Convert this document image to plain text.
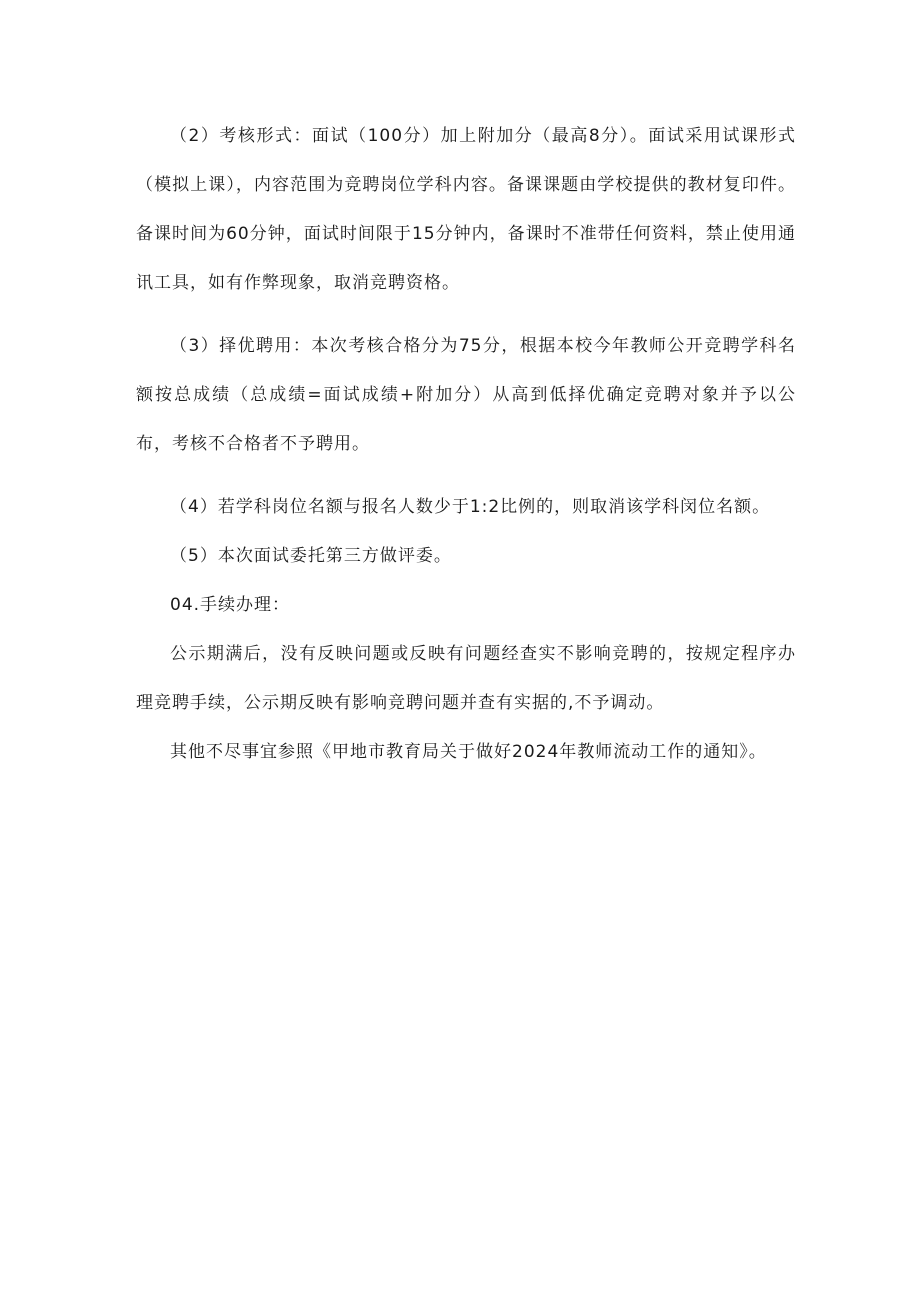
（2）考核形式：面试（100分）加上附加分（最高8分）。面试采用试课形式（模拟上课），内容范围为竞聘岗位学科内容。备课课题由学校提供的教材复印件。备课时间为60分钟，面试时间限于15分钟内，备课时不准带任何资料，禁止使用通讯工具，如有作弊现象，取消竞聘资格。

（3）择优聘用：本次考核合格分为75分，根据本校今年教师公开竞聘学科名额按总成绩（总成绩=面试成绩+附加分）从高到低择优确定竞聘对象并予以公布，考核不合格者不予聘用。

（4）若学科岗位名额与报名人数少于1:2比例的，则取消该学科闵位名额。

（5）本次面试委托第三方做评委。

04.手续办理：

公示期满后，没有反映问题或反映有问题经查实不影响竞聘的，按规定程序办理竞聘手续，公示期反映有影响竞聘问题并查有实据的,不予调动。

其他不尽事宜参照《甲地市教育局关于做好2024年教师流动工作的通知》。
